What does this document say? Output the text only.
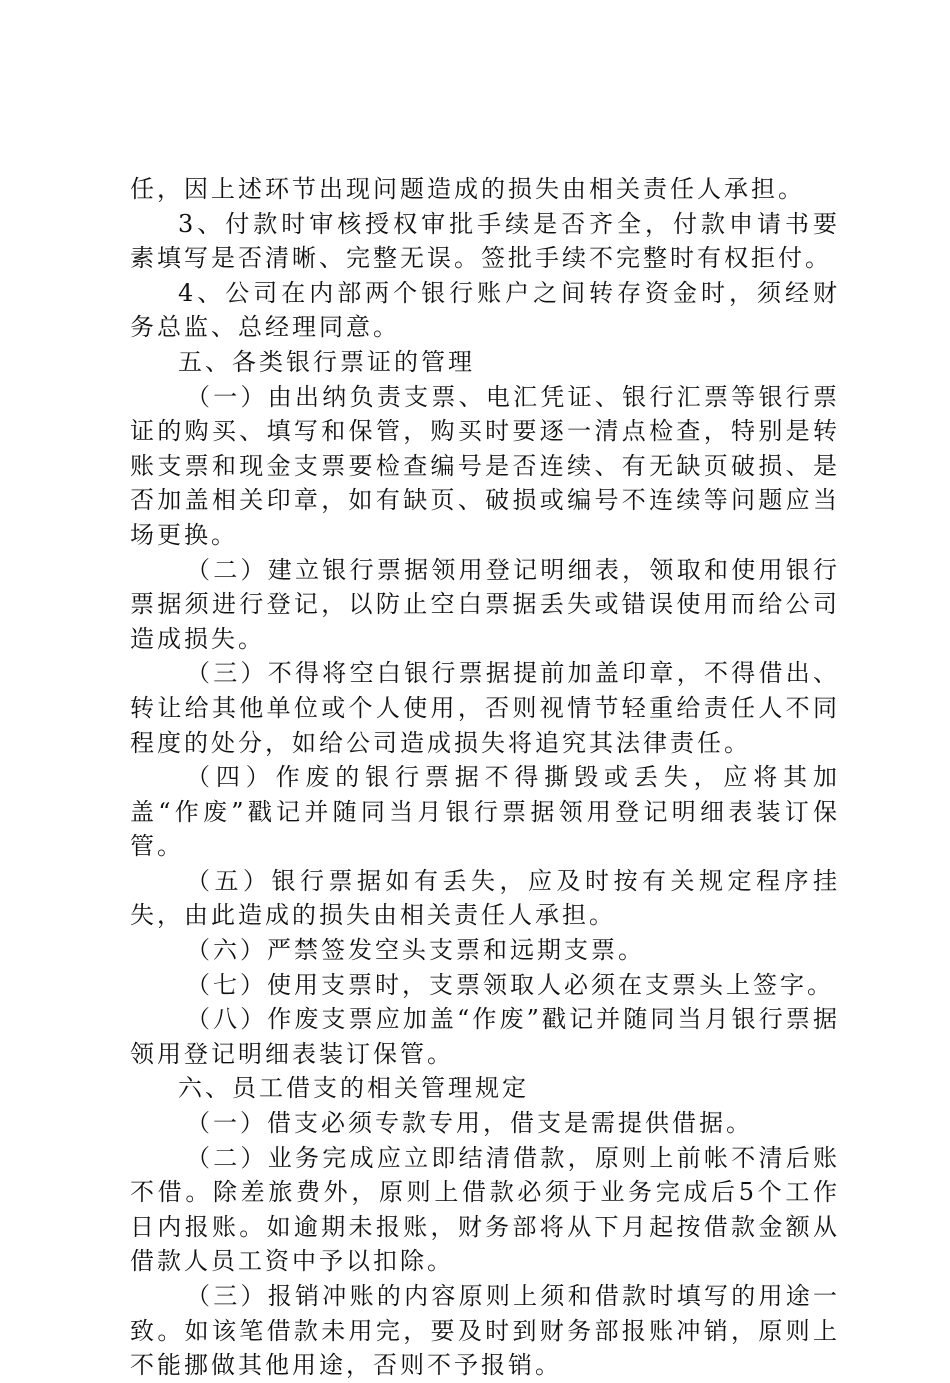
任，因上述环节出现问题造成的损失由相关责任人承担。

3、付款时审核授权审批手续是否齐全，付款申请书要素填写是否清晰、完整无误。签批手续不完整时有权拒付。

4、公司在内部两个银行账户之间转存资金时，须经财务总监、总经理同意。

五、各类银行票证的管理

（一）由出纳负责支票、电汇凭证、银行汇票等银行票证的购买、填写和保管，购买时要逐一清点检查，特别是转账支票和现金支票要检查编号是否连续、有无缺页破损、是否加盖相关印章，如有缺页、破损或编号不连续等问题应当场更换。

（二）建立银行票据领用登记明细表，领取和使用银行票据须进行登记，以防止空白票据丢失或错误使用而给公司造成损失。

（三）不得将空白银行票据提前加盖印章，不得借出、转让给其他单位或个人使用，否则视情节轻重给责任人不同程度的处分，如给公司造成损失将追究其法律责任。

（四）作废的银行票据不得撕毁或丢失，应将其加盖“作废”戳记并随同当月银行票据领用登记明细表装订保管。

（五）银行票据如有丢失，应及时按有关规定程序挂失，由此造成的损失由相关责任人承担。

（六）严禁签发空头支票和远期支票。

（七）使用支票时，支票领取人必须在支票头上签字。

（八）作废支票应加盖“作废”戳记并随同当月银行票据领用登记明细表装订保管。

六、员工借支的相关管理规定

（一）借支必须专款专用，借支是需提供借据。

（二）业务完成应立即结清借款，原则上前帐不清后账不借。除差旅费外，原则上借款必须于业务完成后5个工作日内报账。如逾期未报账，财务部将从下月起按借款金额从借款人员工资中予以扣除。

（三）报销冲账的内容原则上须和借款时填写的用途一致。如该笔借款未用完，要及时到财务部报账冲销，原则上不能挪做其他用途，否则不予报销。
